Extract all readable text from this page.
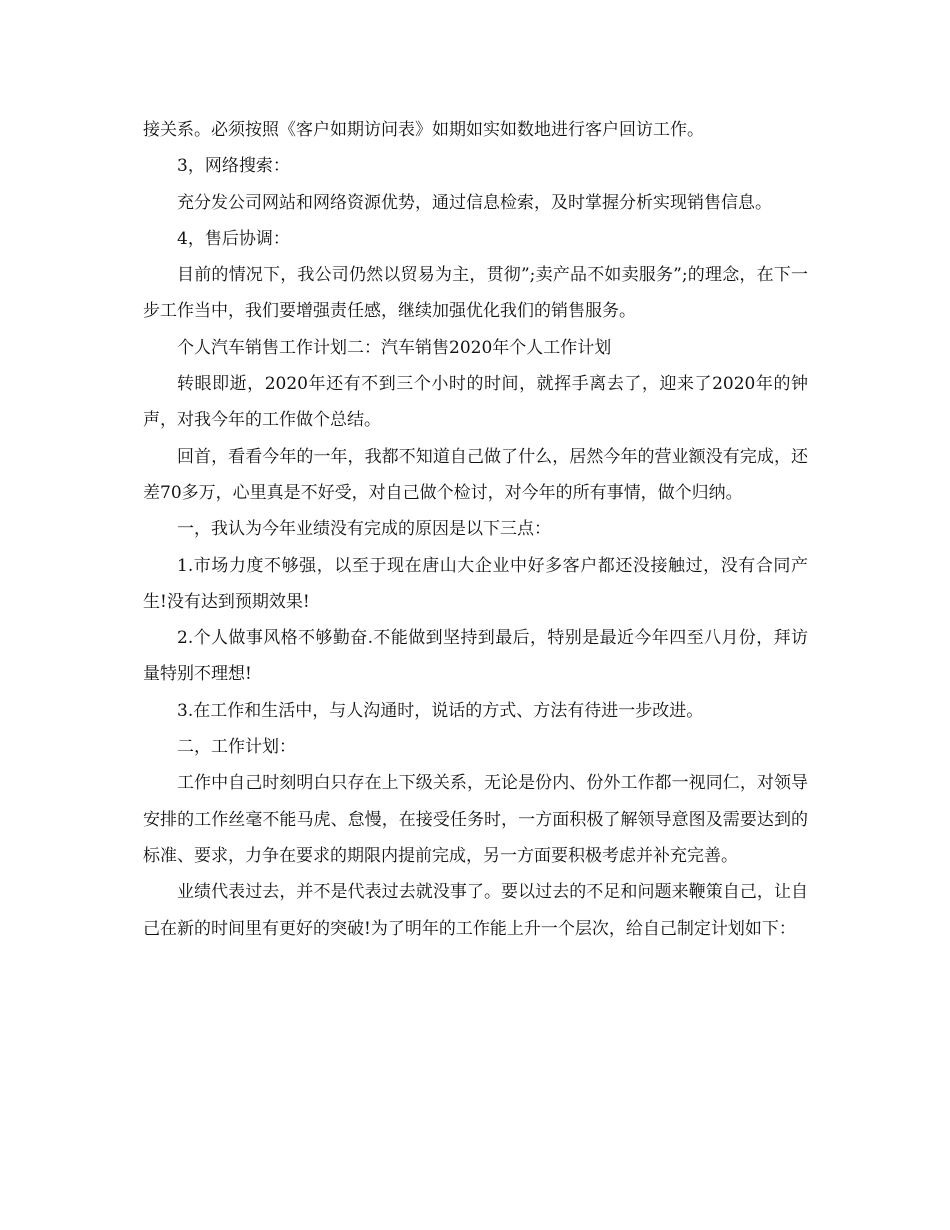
接关系。必须按照《客户如期访问表》如期如实如数地进行客户回访工作。

3，网络搜索：

充分发公司网站和网络资源优势，通过信息检索，及时掌握分析实现销售信息。

4，售后协调：

目前的情况下，我公司仍然以贸易为主，贯彻”;卖产品不如卖服务”;的理念，在下一步工作当中，我们要增强责任感，继续加强优化我们的销售服务。

个人汽车销售工作计划二：汽车销售2020年个人工作计划

转眼即逝，2020年还有不到三个小时的时间，就挥手离去了，迎来了2020年的钟声，对我今年的工作做个总结。

回首，看看今年的一年，我都不知道自己做了什么，居然今年的营业额没有完成，还差70多万，心里真是不好受，对自己做个检讨，对今年的所有事情，做个归纳。

一，我认为今年业绩没有完成的原因是以下三点：

1.市场力度不够强，以至于现在唐山大企业中好多客户都还没接触过，没有合同产生!没有达到预期效果!

2.个人做事风格不够勤奋.不能做到坚持到最后，特别是最近今年四至八月份，拜访量特别不理想!

3.在工作和生活中，与人沟通时，说话的方式、方法有待进一步改进。

二，工作计划：

工作中自己时刻明白只存在上下级关系，无论是份内、份外工作都一视同仁，对领导安排的工作丝毫不能马虎、怠慢，在接受任务时，一方面积极了解领导意图及需要达到的标准、要求，力争在要求的期限内提前完成，另一方面要积极考虑并补充完善。

业绩代表过去，并不是代表过去就没事了。要以过去的不足和问题来鞭策自己，让自己在新的时间里有更好的突破!为了明年的工作能上升一个层次，给自己制定计划如下：
